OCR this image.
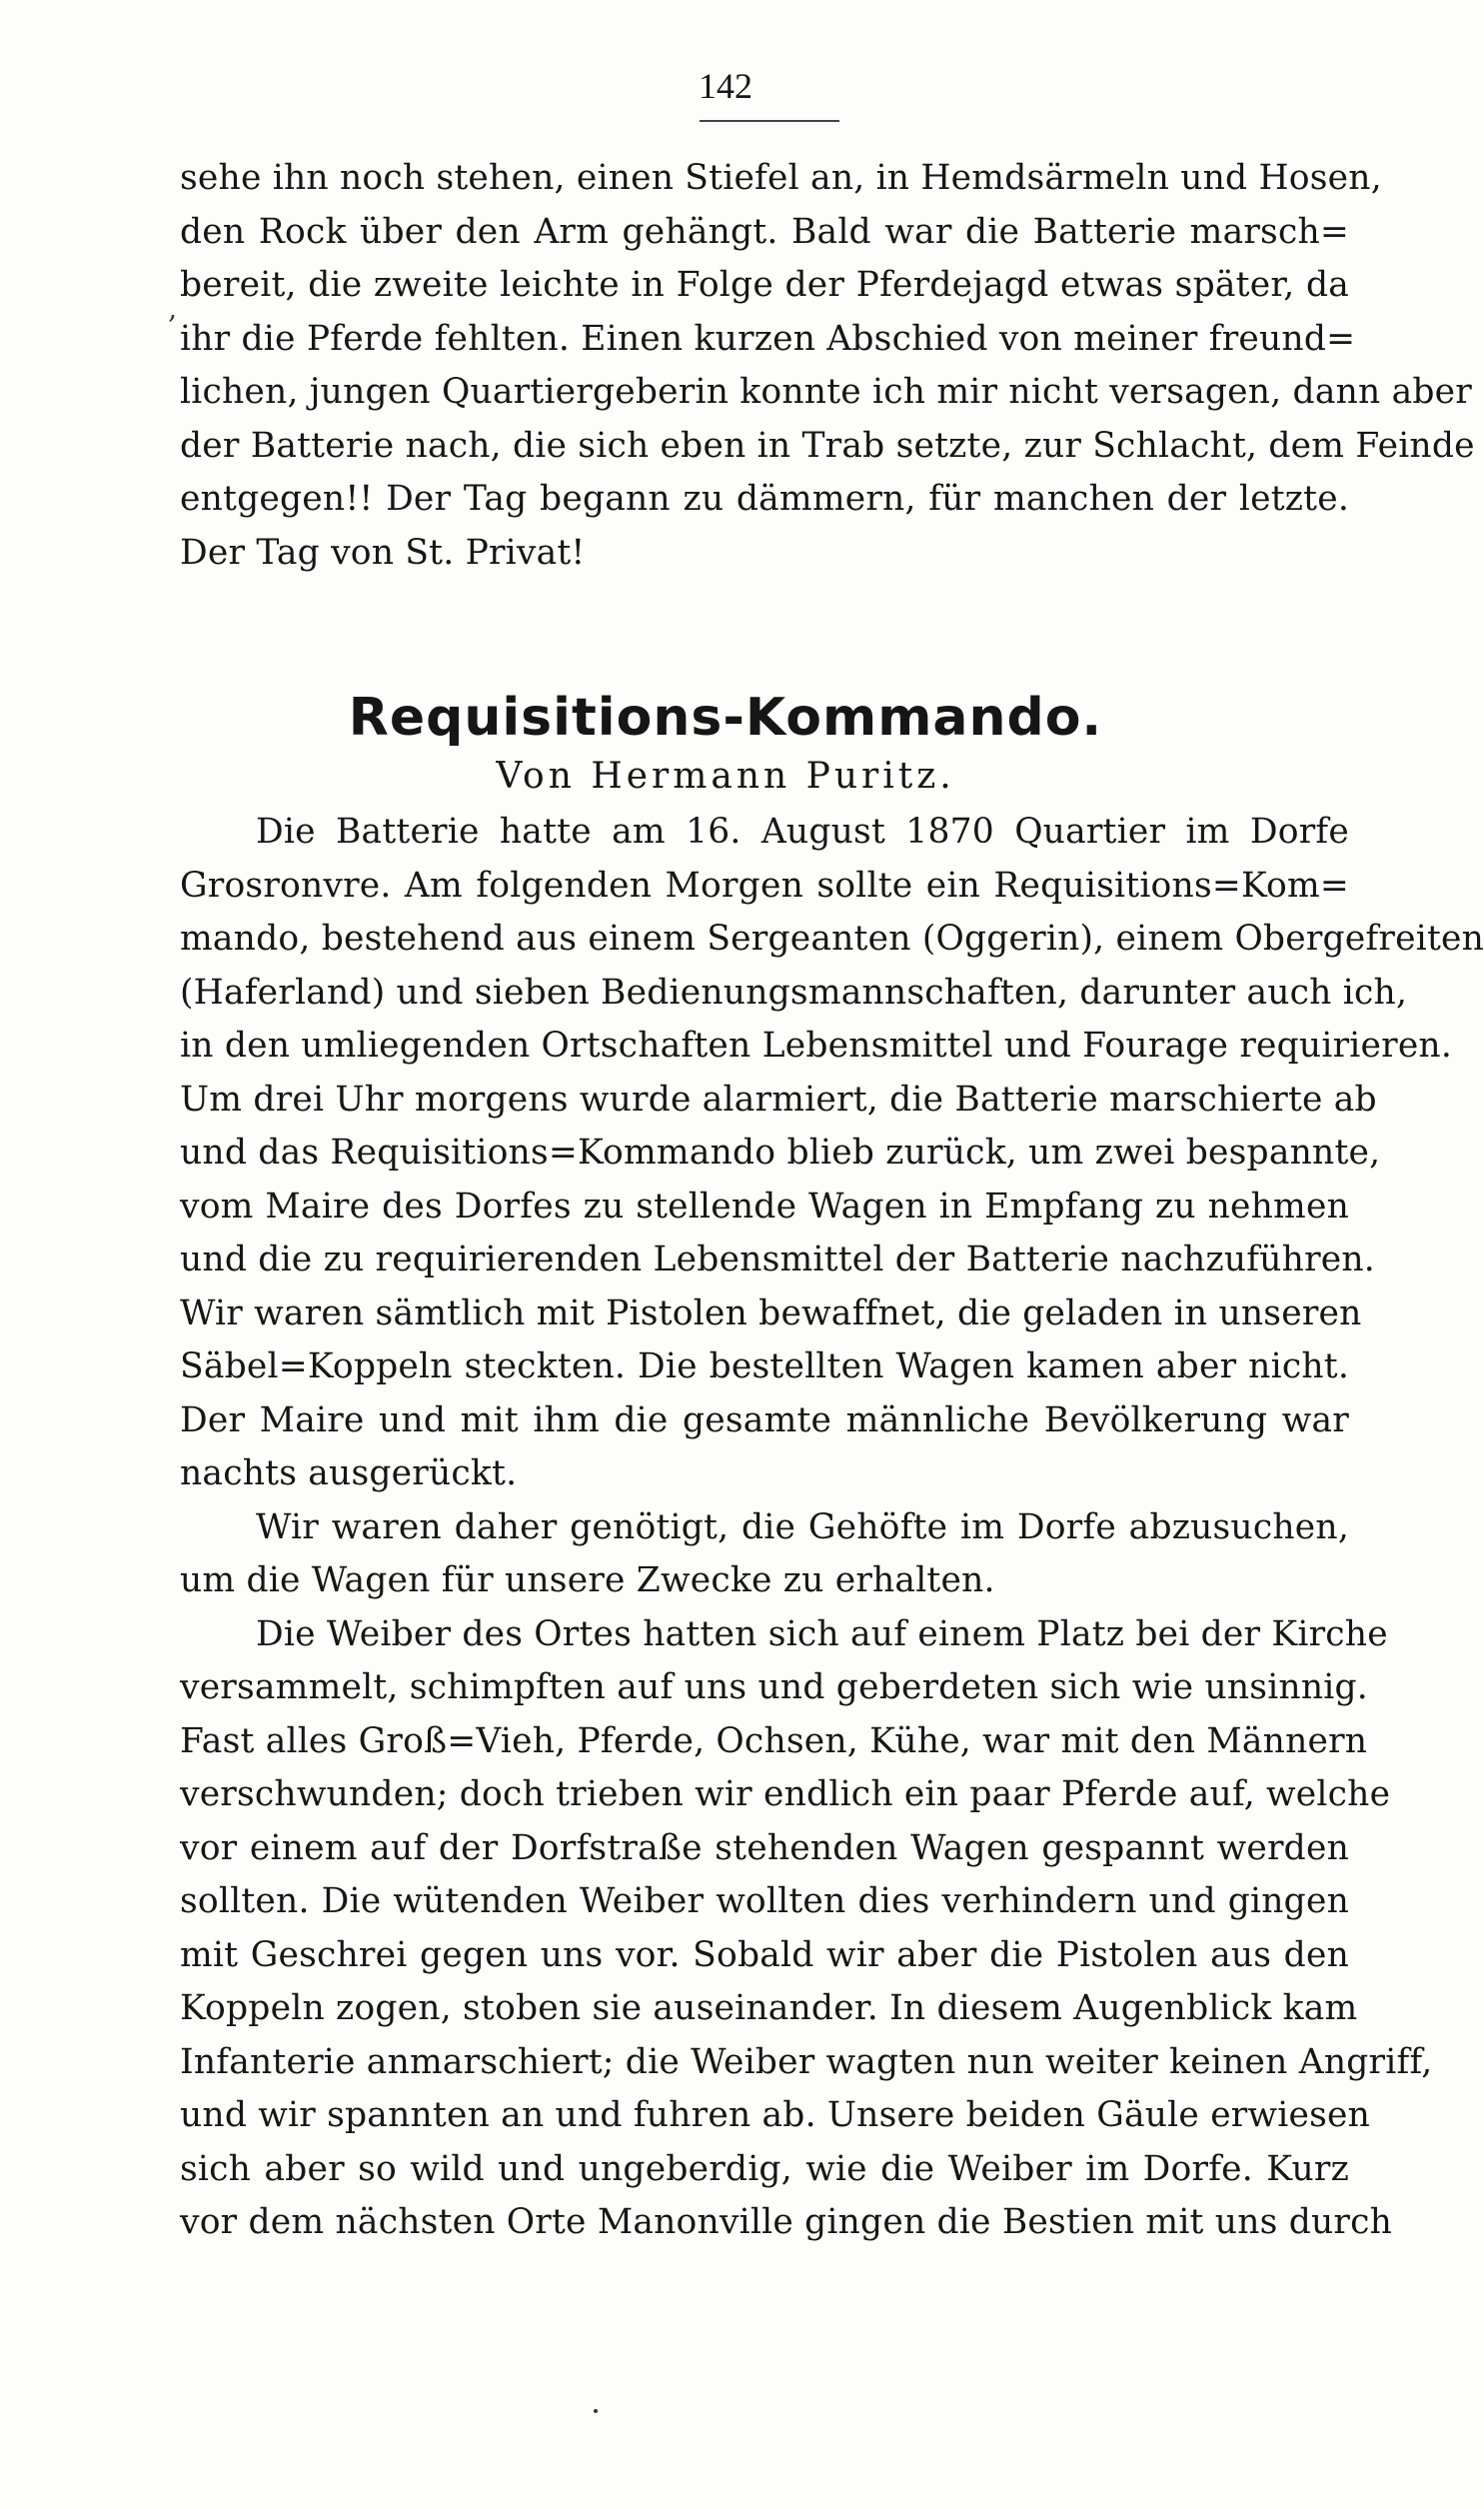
142
‚
sehe ihn noch stehen, einen Stiefel an, in Hemdsärmeln und Hosen,
den Rock über den Arm gehängt. Bald war die Batterie marsch=
bereit, die zweite leichte in Folge der Pferdejagd etwas später, da
ihr die Pferde fehlten. Einen kurzen Abschied von meiner freund=
lichen, jungen Quartiergeberin konnte ich mir nicht versagen, dann aber
der Batterie nach, die sich eben in Trab setzte, zur Schlacht, dem Feinde
entgegen!! Der Tag begann zu dämmern, für manchen der letzte.
Der Tag von St. Privat!
Requisitions-Kommando.
Von Hermann Puritz.
Die Batterie hatte am 16. August 1870 Quartier im Dorfe
Grosronvre. Am folgenden Morgen sollte ein Requisitions=Kom=
mando, bestehend aus einem Sergeanten (Oggerin), einem Obergefreiten
(Haferland) und sieben Bedienungsmannschaften, darunter auch ich,
in den umliegenden Ortschaften Lebensmittel und Fourage requirieren.
Um drei Uhr morgens wurde alarmiert, die Batterie marschierte ab
und das Requisitions=Kommando blieb zurück, um zwei bespannte,
vom Maire des Dorfes zu stellende Wagen in Empfang zu nehmen
und die zu requirierenden Lebensmittel der Batterie nachzuführen.
Wir waren sämtlich mit Pistolen bewaffnet, die geladen in unseren
Säbel=Koppeln steckten. Die bestellten Wagen kamen aber nicht.
Der Maire und mit ihm die gesamte männliche Bevölkerung war
nachts ausgerückt.
Wir waren daher genötigt, die Gehöfte im Dorfe abzusuchen,
um die Wagen für unsere Zwecke zu erhalten.
Die Weiber des Ortes hatten sich auf einem Platz bei der Kirche
versammelt, schimpften auf uns und geberdeten sich wie unsinnig.
Fast alles Groß=Vieh, Pferde, Ochsen, Kühe, war mit den Männern
verschwunden; doch trieben wir endlich ein paar Pferde auf, welche
vor einem auf der Dorfstraße stehenden Wagen gespannt werden
sollten. Die wütenden Weiber wollten dies verhindern und gingen
mit Geschrei gegen uns vor. Sobald wir aber die Pistolen aus den
Koppeln zogen, stoben sie auseinander. In diesem Augenblick kam
Infanterie anmarschiert; die Weiber wagten nun weiter keinen Angriff,
und wir spannten an und fuhren ab. Unsere beiden Gäule erwiesen
sich aber so wild und ungeberdig, wie die Weiber im Dorfe. Kurz
vor dem nächsten Orte Manonville gingen die Bestien mit uns durch
